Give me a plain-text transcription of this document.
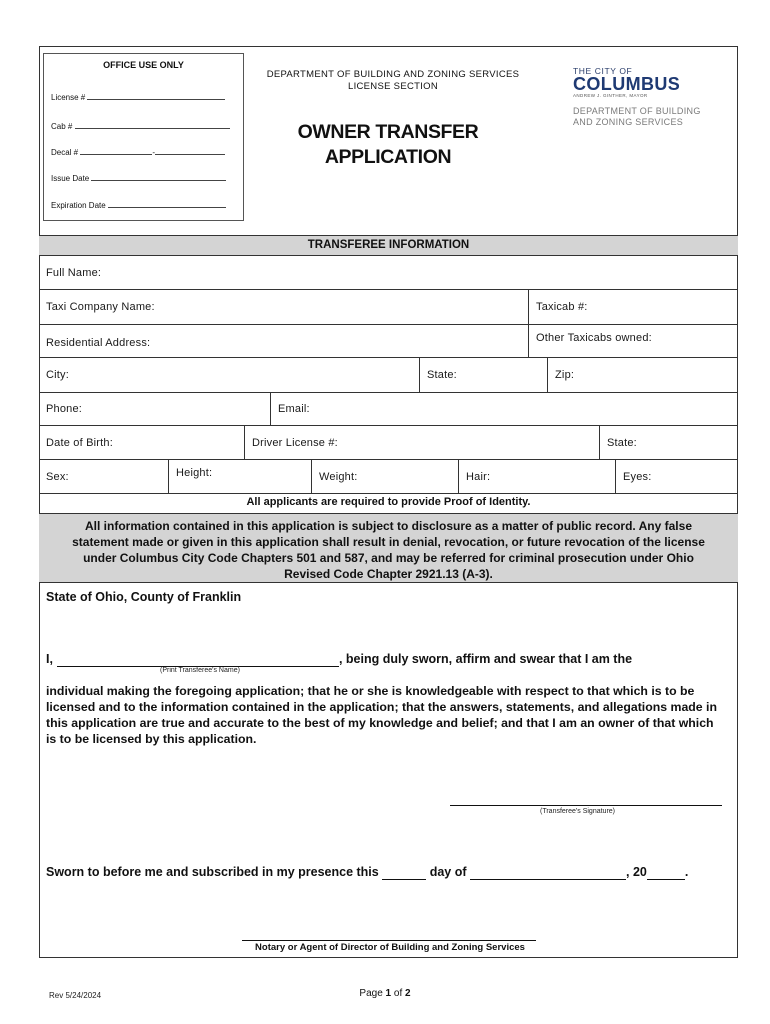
OFFICE USE ONLY
License #
Cab #
Decal #	-
Issue Date
Expiration Date
DEPARTMENT OF BUILDING AND ZONING SERVICES
LICENSE SECTION
OWNER TRANSFER
APPLICATION
THE CITY OF
COLUMBUS
ANDREW J. GINTHER, MAYOR
DEPARTMENT OF BUILDING
AND ZONING SERVICES
TRANSFEREE INFORMATION
Full Name:
Taxi Company Name:	Taxicab #:
Residential Address:	Other Taxicabs owned:
City:	State:	Zip:
Phone:	Email:
Date of Birth:	Driver License #:	State:
Sex:	Height:	Weight:	Hair:	Eyes:
All applicants are required to provide Proof of Identity.
All information contained in this application is subject to disclosure as a matter of public record. Any false statement made or given in this application shall result in denial, revocation, or future revocation of the license under Columbus City Code Chapters 501 and 587, and may be referred for criminal prosecution under Ohio Revised Code Chapter 2921.13 (A-3).
State of Ohio, County of Franklin
I,	, being duly sworn, affirm and swear that I am the
(Print Transferee's Name)
individual making the foregoing application; that he or she is knowledgeable with respect to that which is to be licensed and to the information contained in the application; that the answers, statements, and allegations made in this application are true and accurate to the best of my knowledge and belief; and that I am an owner of that which is to be licensed by this application.
(Transferee's Signature)
Sworn to before me and subscribed in my presence this	day of	, 20	.
Notary or Agent of Director of Building and Zoning Services
Rev 5/24/2024	Page 1 of 2
